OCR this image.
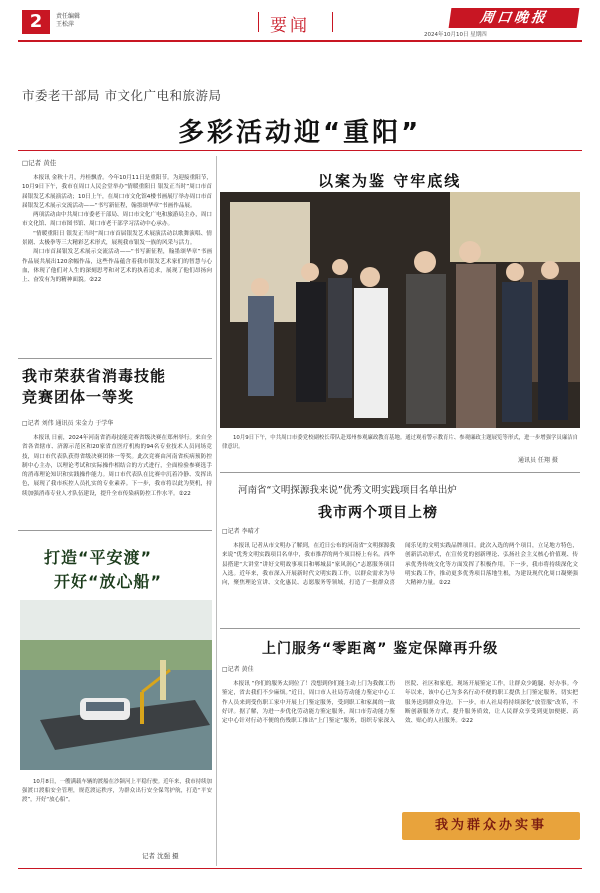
2	责任编辑
王松萍	要闻	2024年10月10日 星期四
周口晚报
市委老干部局 市文化广电和旅游局
多彩活动迎“重阳”
□记者 黄佳

本报讯 金秋十月，丹桂飘香。今年10月11日是重阳节。为迎接重阳节，10月9日下午，我市在周口人民会堂举办“情暖重阳日 银发正当时”周口市首届银发艺术展演活动；10日上午，在周口市文化馆4楼书画展厅举办周口市首届银发艺术展示交流活动——“书写新征程，翰墨颂华章”书画作品展。

两项活动由中共周口市委老干部局、周口市文化广电和旅游局主办，周口市文化馆、周口市图书馆、周口市老干部学习活动中心承办。

“情暖重阳日 银发正当时”周口市首届银发艺术展演活动以歌舞演唱、情景剧、太极拳等三大精彩艺术形式，展现我市银发一族的风采与活力。

周口市首届银发艺术展示交流活动——“书写新征程，翰墨颂华章”书画作品展共展出120余幅作品，这些作品蕴含着我市银发艺术家们的智慧与心血，体现了他们对人生的深刻思考和对艺术的执着追求，展现了他们昂扬向上、奋发有为的精神面貌。②22

我市荣获省消毒技能
竞赛团体一等奖
□记者 刘伟 通讯员 宋金力 于学华
本报讯 日前，2024年河南省消毒技能竞赛省级决赛在郑州举行。来自全省各省辖市、济源示范区和20家省直医疗机构的94名专业技术人员同场竞技，周口市代表队获得省级决赛团体一等奖。此次竞赛由河南省疾病预防控制中心主办，以理论考试和实际操作相结合的方式进行，全面检验参赛选手的消毒理论知识和实践操作能力。周口市代表队在比赛中沉着冷静、发挥出色，展现了我市疾控人员扎实的专业素养。下一步，我市将以此为契机，持续加强消毒专业人才队伍建设，提升全市传染病防控工作水平。②22
打造“平安渡”
开好“放心船”
10月8日，一艘满载车辆的渡船在沙颍河上平稳行驶。近年来，我市持续加强渡口渡船安全管理，规范渡运秩序，为群众出行安全保驾护航，打造“平安渡”，开好“放心船”。
记者 沈强 摄
以案为鉴 守牢底线
10月9日下午，中共周口市委党校副校长带队赴郑州参观廉政教育基地。通过观看警示教育片、参观廉政主题展览等形式，进一步增强学员廉洁自律意识。
通讯员 任翔 摄
河南省“文明探源我来说”优秀文明实践项目名单出炉
我市两个项目上榜
□记者 李晴才
本报讯 记者从市文明办了解到，在近日公布的河南省“文明探源我来说”优秀文明实践项目名单中，我市推荐的两个项目榜上有名。西华县搭建“大讲堂”讲好文明故事项目和郸城县“家风润心”志愿服务项目入选。近年来，我市深入开展新时代文明实践工作，以群众需求为导向，聚焦理论宣讲、文化惠民、志愿服务等领域，打造了一批群众喜闻乐见的文明实践品牌项目。此次入选的两个项目，立足地方特色，创新活动形式，在宣传党的创新理论、弘扬社会主义核心价值观、传承优秀传统文化等方面发挥了积极作用。下一步，我市将持续深化文明实践工作，推动更多优秀项目落地生根，为建设现代化周口凝聚强大精神力量。②22
上门服务“零距离” 鉴定保障再升级
□记者 黄佳
本报讯 “你们的服务太到位了！没想到你们能主动上门为我做工伤鉴定，省去我们不少麻烦。”近日，周口市人社局劳动能力鉴定中心工作人员来到受伤职工家中开展上门鉴定服务，受到职工和家属的一致好评。据了解，为进一步优化劳动能力鉴定服务，周口市劳动能力鉴定中心针对行动不便的伤残职工推出“上门鉴定”服务，组织专家深入医院、社区和家庭，现场开展鉴定工作，让群众少跑腿、好办事。今年以来，该中心已为多名行动不便的职工提供上门鉴定服务，切实把服务送到群众身边。下一步，市人社局将持续深化“放管服”改革，不断创新服务方式，提升服务质效，让人民群众享受到更加便捷、高效、贴心的人社服务。②22
我为群众办实事
